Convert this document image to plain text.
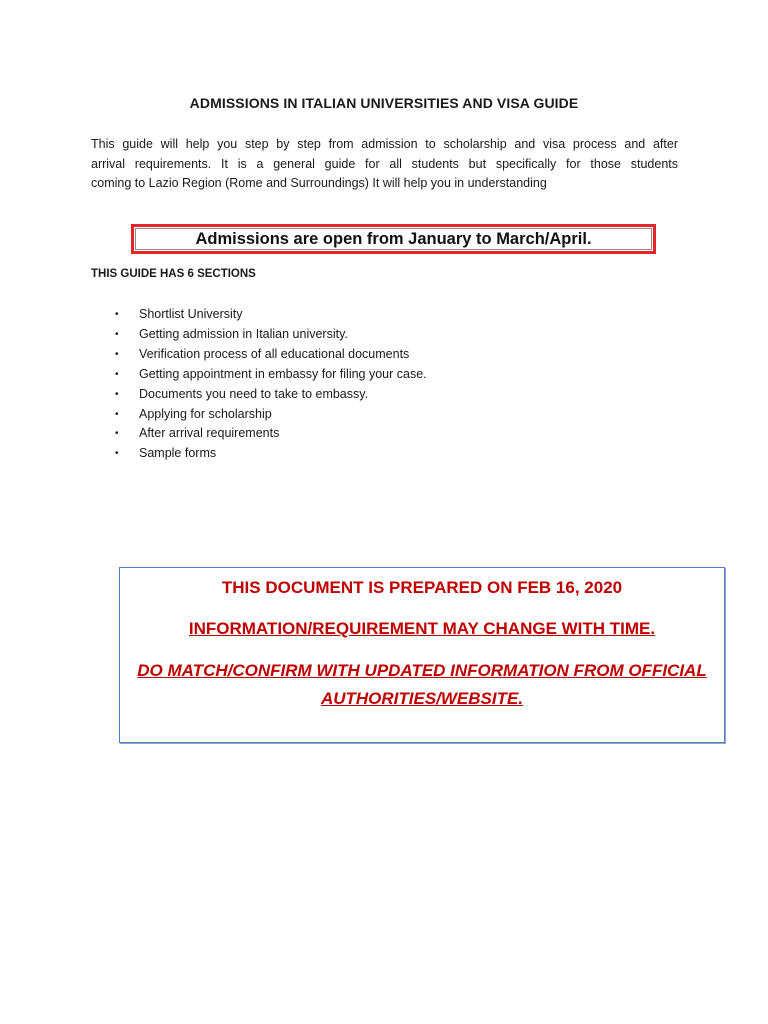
ADMISSIONS IN ITALIAN UNIVERSITIES AND VISA GUIDE
This guide will help you step by step from admission to scholarship and visa process and after
arrival requirements. It is a general guide for all students but specifically for those students
coming to Lazio Region (Rome and Surroundings) It will help you in understanding
Admissions are open from January to March/April.
THIS GUIDE HAS 6 SECTIONS
•	Shortlist University
•	Getting admission in Italian university.
•	Verification process of all educational documents
•	Getting appointment in embassy for filing your case.
•	Documents you need to take to embassy.
•	Applying for scholarship
•	After arrival requirements
•	Sample forms
THIS DOCUMENT IS PREPARED ON FEB 16, 2020
INFORMATION/REQUIREMENT MAY CHANGE WITH TIME.
DO MATCH/CONFIRM WITH UPDATED INFORMATION FROM OFFICIAL
AUTHORITIES/WEBSITE.
